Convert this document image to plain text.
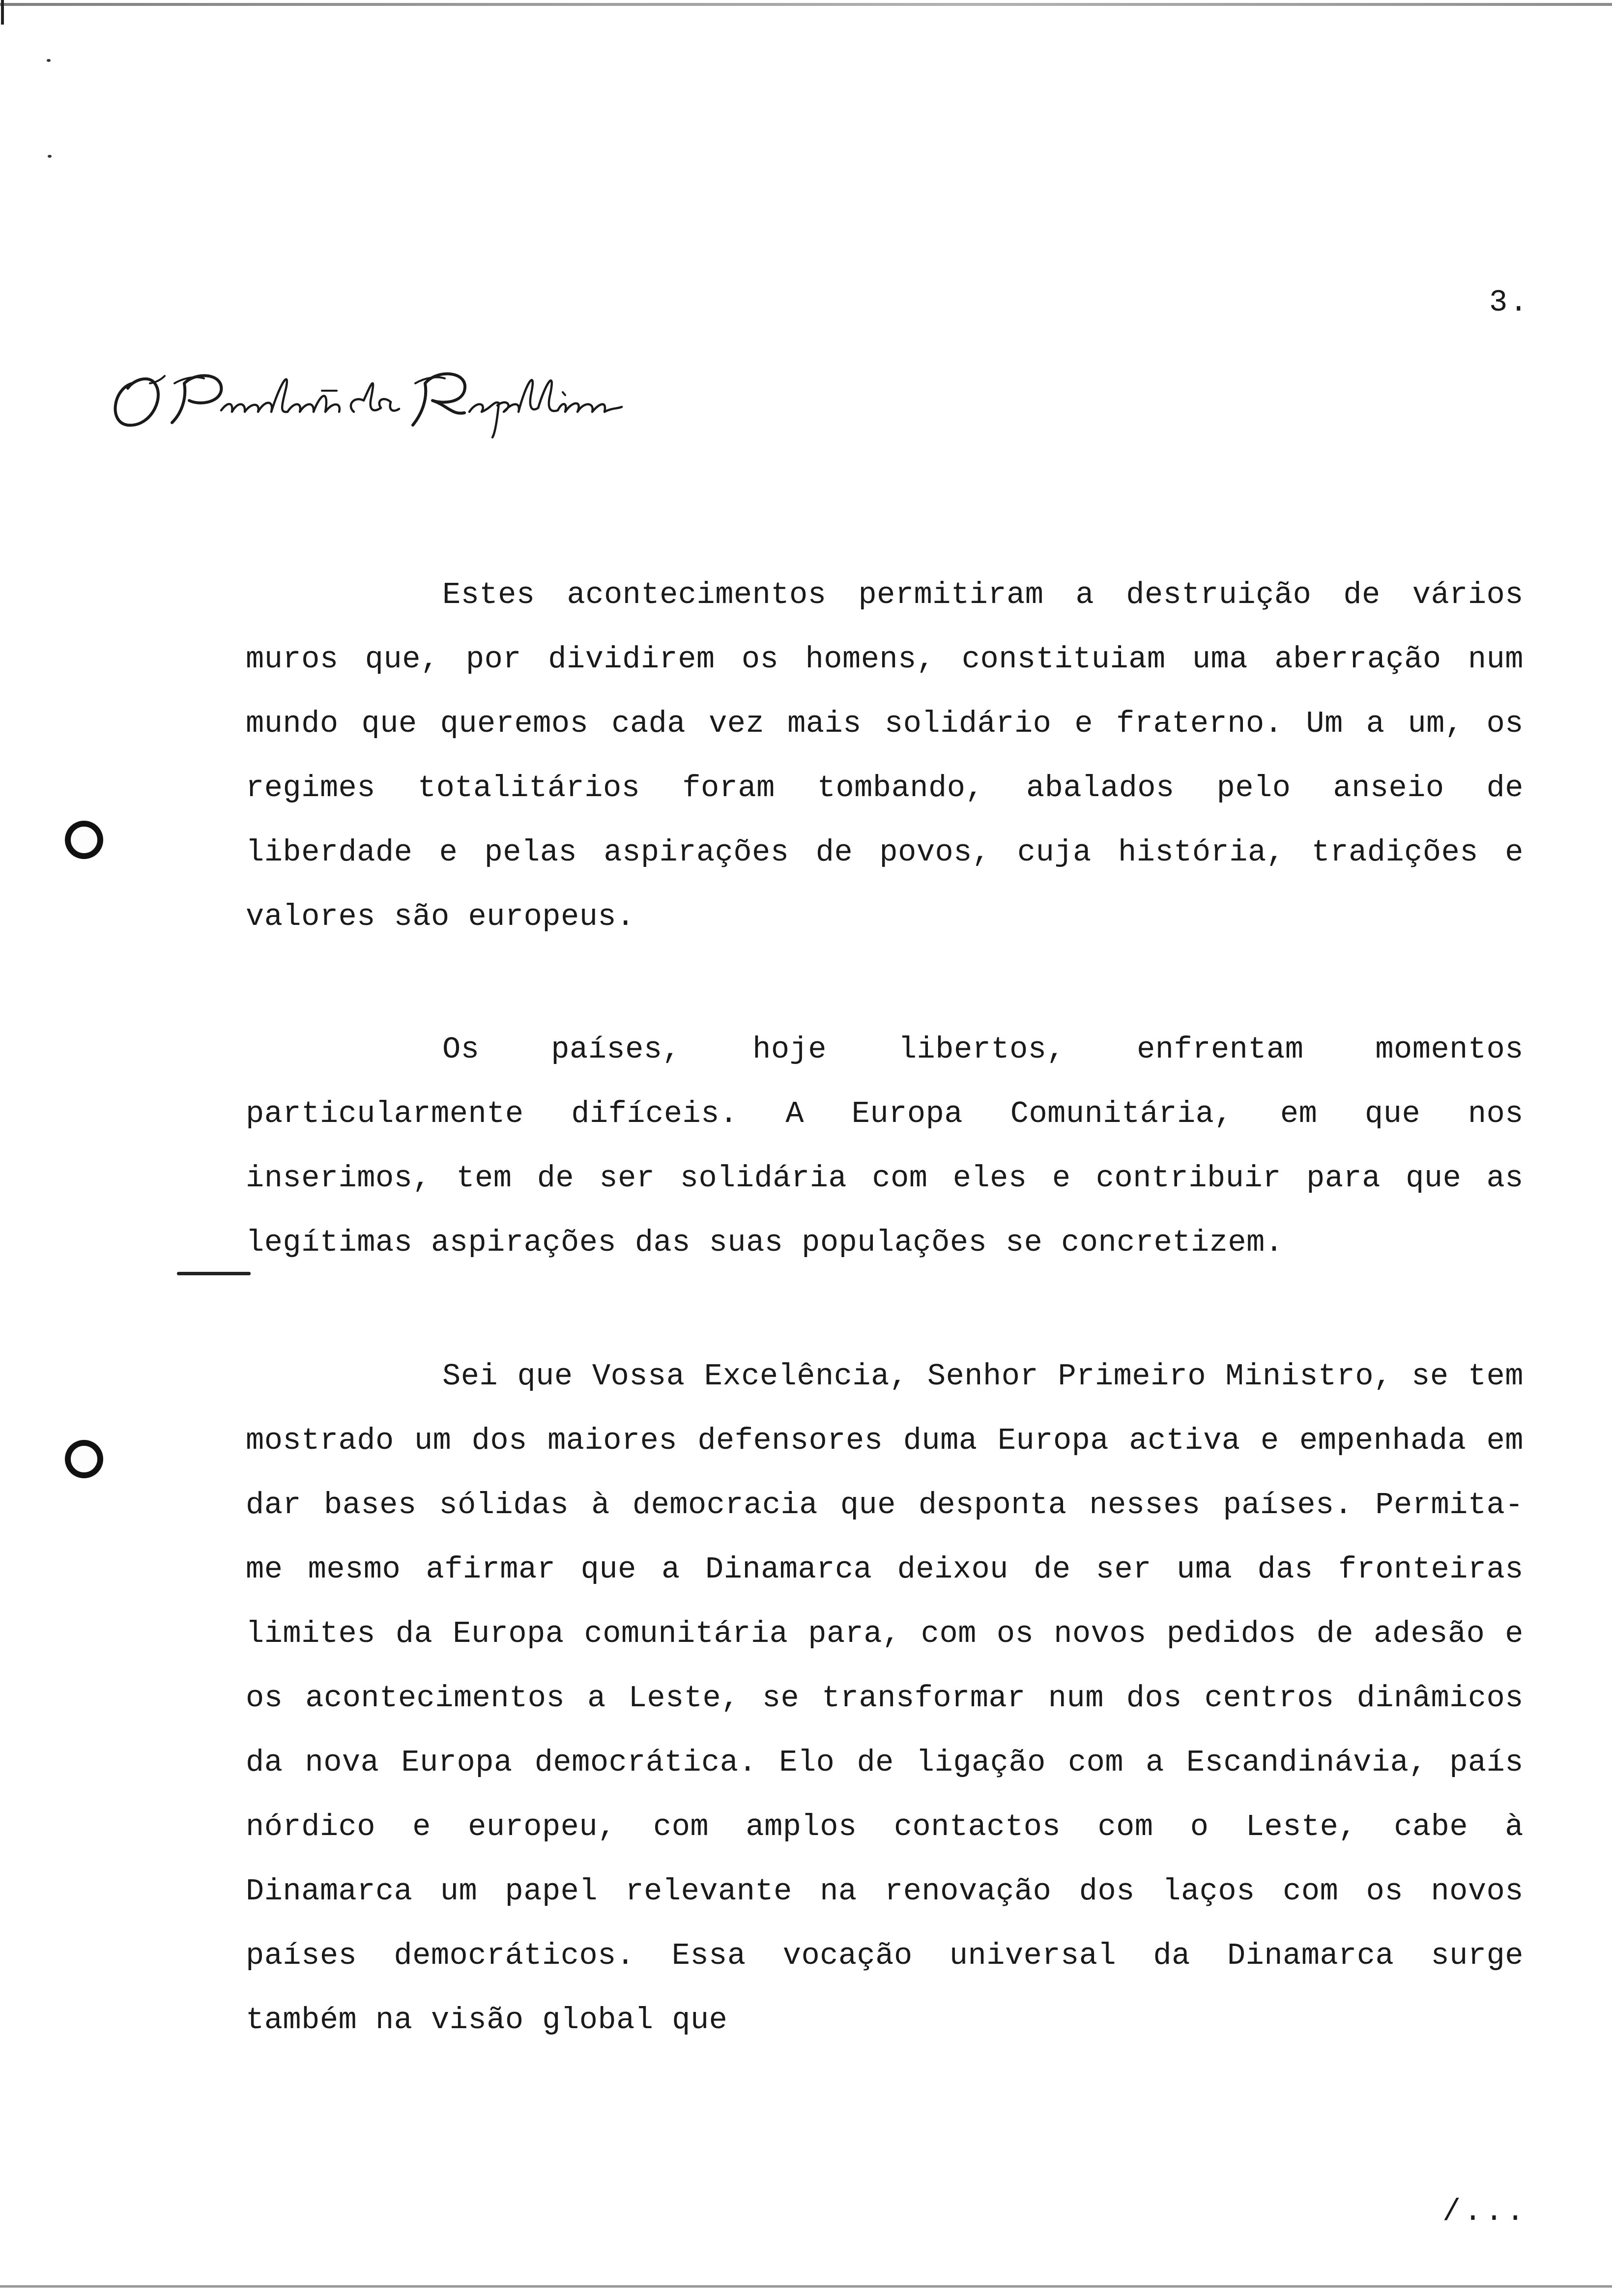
3.
Estes acontecimentos permitiram a destruição de vários muros que, por dividirem os homens, constituiam uma aberração num mundo que queremos cada vez mais solidário e fraterno. Um a um, os regimes totalitários foram tombando, abalados pelo anseio de liberdade e pelas aspirações de povos, cuja história, tradições e valores são europeus.
Os países, hoje libertos, enfrentam momentos particularmente difíceis. A Europa Comunitária, em que nos inserimos, tem de ser solidária com eles e contribuir para que as legítimas aspirações das suas populações se concretizem.
Sei que Vossa Excelência, Senhor Primeiro Ministro, se tem mostrado um dos maiores defensores duma Europa activa e empenhada em dar bases sólidas à democracia que desponta nesses países. Permita-me mesmo afirmar que a Dinamarca deixou de ser uma das fronteiras limites da Europa comunitária para, com os novos pedidos de adesão e os acontecimentos a Leste, se transformar num dos centros dinâmicos da nova Europa democrática. Elo de ligação com a Escandinávia, país nórdico e europeu, com amplos contactos com o Leste, cabe à Dinamarca um papel relevante na renovação dos laços com os novos países democráticos. Essa vocação universal da Dinamarca surge também na visão global que
/...
